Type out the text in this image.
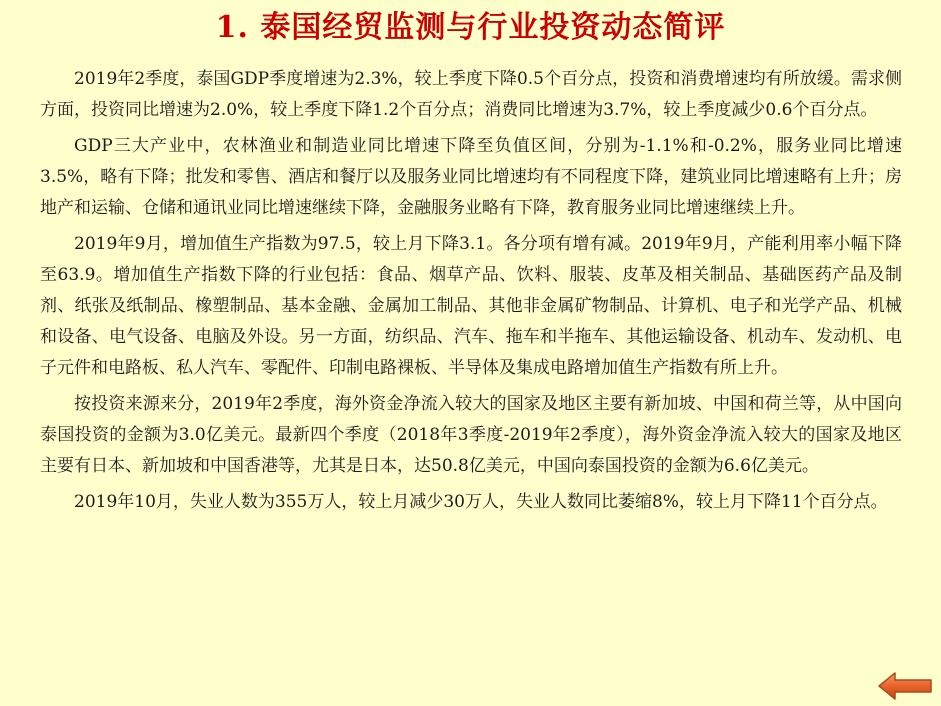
1. 泰国经贸监测与行业投资动态简评

2019年2季度，泰国GDP季度增速为2.3%，较上季度下降0.5个百分点，投资和消费增速均有所放缓。需求侧方面，投资同比增速为2.0%，较上季度下降1.2个百分点；消费同比增速为3.7%，较上季度减少0.6个百分点。

GDP三大产业中，农林渔业和制造业同比增速下降至负值区间，分别为-1.1%和-0.2%，服务业同比增速3.5%，略有下降；批发和零售、酒店和餐厅以及服务业同比增速均有不同程度下降，建筑业同比增速略有上升；房地产和运输、仓储和通讯业同比增速继续下降，金融服务业略有下降，教育服务业同比增速继续上升。

2019年9月，增加值生产指数为97.5，较上月下降3.1。各分项有增有减。2019年9月，产能利用率小幅下降至63.9。增加值生产指数下降的行业包括：食品、烟草产品、饮料、服装、皮革及相关制品、基础医药产品及制剂、纸张及纸制品、橡塑制品、基本金融、金属加工制品、其他非金属矿物制品、计算机、电子和光学产品、机械和设备、电气设备、电脑及外设。另一方面，纺织品、汽车、拖车和半拖车、其他运输设备、机动车、发动机、电子元件和电路板、私人汽车、零配件、印制电路裸板、半导体及集成电路增加值生产指数有所上升。

按投资来源来分，2019年2季度，海外资金净流入较大的国家及地区主要有新加坡、中国和荷兰等，从中国向泰国投资的金额为3.0亿美元。最新四个季度（2018年3季度-2019年2季度），海外资金净流入较大的国家及地区主要有日本、新加坡和中国香港等，尤其是日本，达50.8亿美元，中国向泰国投资的金额为6.6亿美元。

2019年10月，失业人数为355万人，较上月减少30万人，失业人数同比萎缩8%，较上月下降11个百分点。
